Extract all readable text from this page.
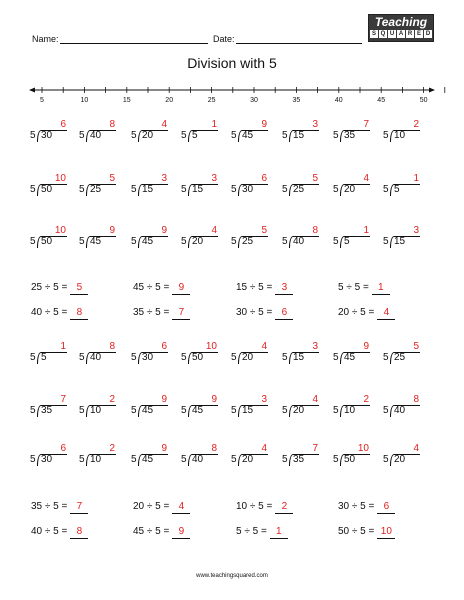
Name:	Date:
Teaching
S Q U A R E D
Division with 5
5	10	15	20	25	30	35	40	45	50
6
5 30
8
5 40
4
5 20
1
5 5
9
5 45
3
5 15
7
5 35
2
5 10
10
5 50
5
5 25
3
5 15
3
5 15
6
5 30
5
5 25
4
5 20
1
5 5
10
5 50
9
5 45
9
5 45
4
5 20
5
5 25
8
5 40
1
5 5
3
5 15
25 ÷ 5 = 5	45 ÷ 5 = 9	15 ÷ 5 = 3	5 ÷ 5 = 1
40 ÷ 5 = 8	35 ÷ 5 = 7	30 ÷ 5 = 6	20 ÷ 5 = 4
1
5 5
8
5 40
6
5 30
10
5 50
4
5 20
3
5 15
9
5 45
5
5 25
7
5 35
2
5 10
9
5 45
9
5 45
3
5 15
4
5 20
2
5 10
8
5 40
6
5 30
2
5 10
9
5 45
8
5 40
4
5 20
7
5 35
10
5 50
4
5 20
35 ÷ 5 = 7	20 ÷ 5 = 4	10 ÷ 5 = 2	30 ÷ 5 = 6
40 ÷ 5 = 8	45 ÷ 5 = 9	5 ÷ 5 = 1	50 ÷ 5 = 10
www.teachingsquared.com
